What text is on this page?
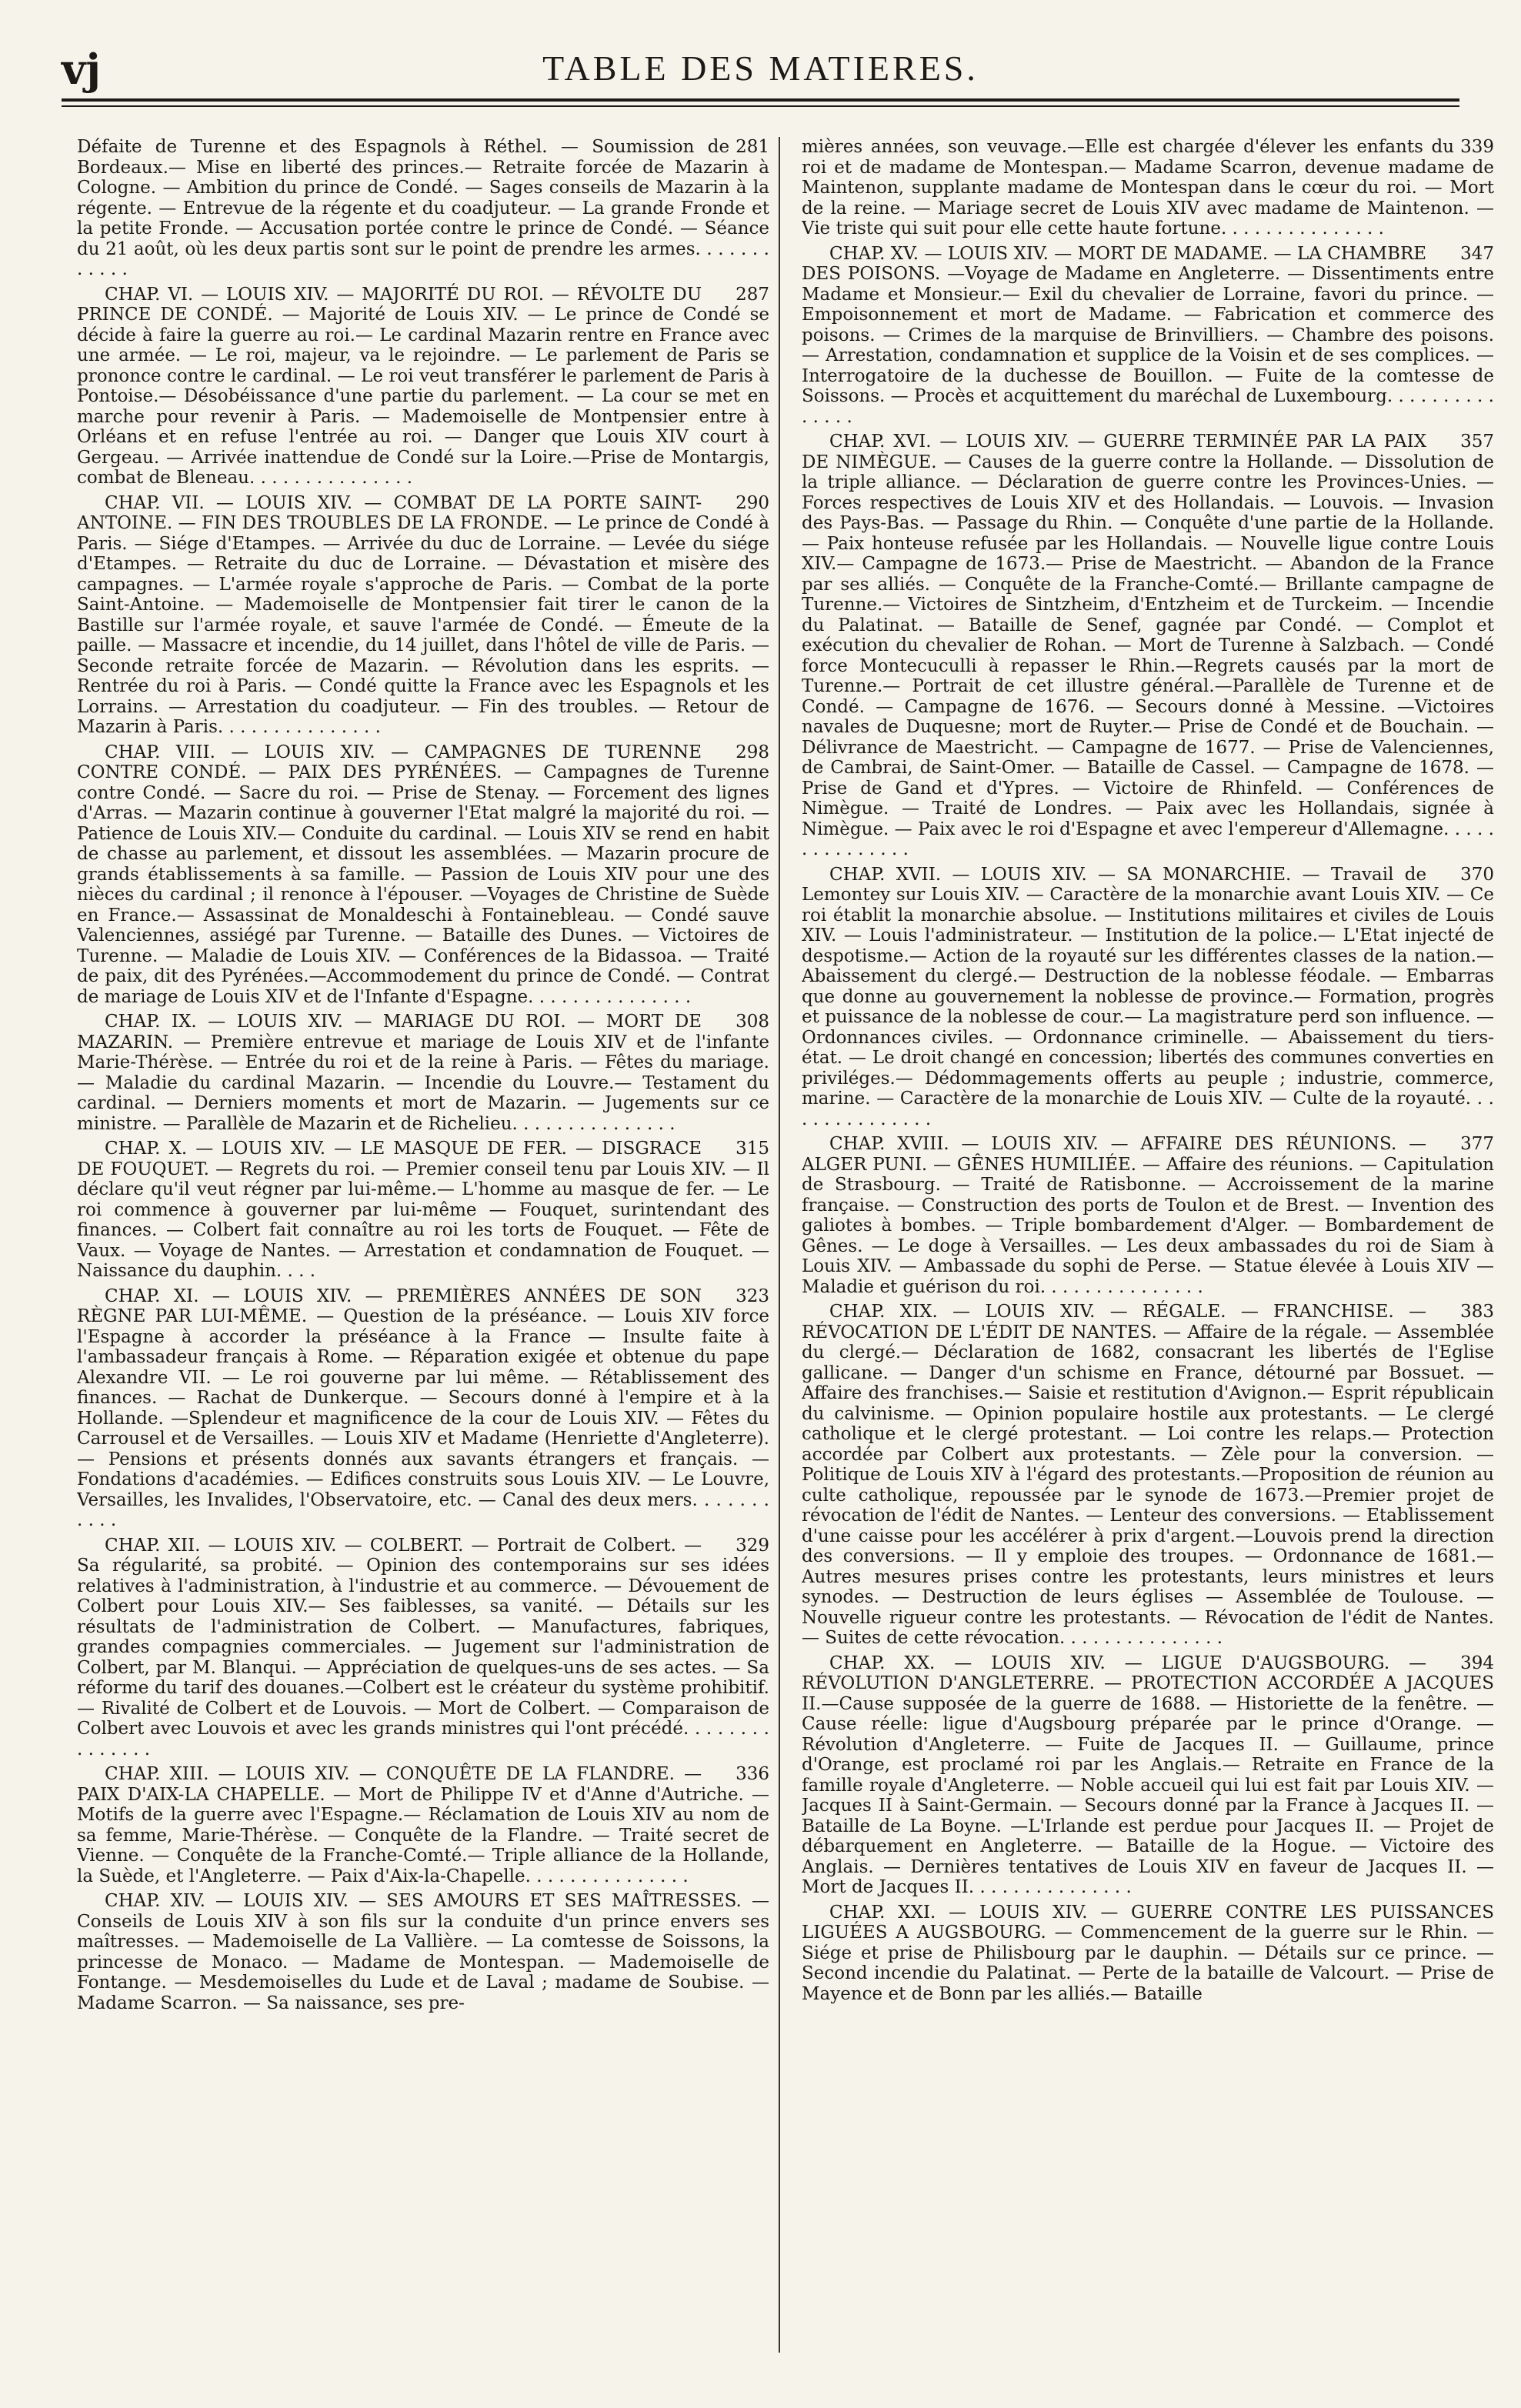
vj	TABLE DES MATIERES.

281
Défaite de Turenne et des Espagnols à Réthel. — Soumission de Bordeaux.— Mise en liberté des princes.— Retraite forcée de Mazarin à Cologne. — Ambition du prince de Condé. — Sages conseils de Mazarin à la régente. — Entrevue de la régente et du coadjuteur. — La grande Fronde et la petite Fronde. — Accusation portée contre le prince de Condé. — Séance du 21 août, où les deux partis sont sur le point de prendre les armes. . . . . . . . . . . .

287
CHAP. VI. — LOUIS XIV. — MAJORITÉ DU ROI. — RÉVOLTE DU PRINCE DE CONDÉ. — Majorité de Louis XIV. — Le prince de Condé se décide à faire la guerre au roi.— Le cardinal Mazarin rentre en France avec une armée. — Le roi, majeur, va le rejoindre. — Le parlement de Paris se prononce contre le cardinal. — Le roi veut transférer le parlement de Paris à Pontoise.— Désobéissance d'une partie du parlement. — La cour se met en marche pour revenir à Paris. — Mademoiselle de Montpensier entre à Orléans et en refuse l'entrée au roi. — Danger que Louis XIV court à Gergeau. — Arrivée inattendue de Condé sur la Loire.—Prise de Montargis, combat de Bleneau. . . . . . . . . . . . . . .

290
CHAP. VII. — LOUIS XIV. — COMBAT DE LA PORTE SAINT-ANTOINE. — FIN DES TROUBLES DE LA FRONDE. — Le prince de Condé à Paris. — Siége d'Etampes. — Arrivée du duc de Lorraine. — Levée du siége d'Etampes. — Retraite du duc de Lorraine. — Dévastation et misère des campagnes. — L'armée royale s'approche de Paris. — Combat de la porte Saint-Antoine. — Mademoiselle de Montpensier fait tirer le canon de la Bastille sur l'armée royale, et sauve l'armée de Condé. — Émeute de la paille. — Massacre et incendie, du 14 juillet, dans l'hôtel de ville de Paris. — Seconde retraite forcée de Mazarin. — Révolution dans les esprits. — Rentrée du roi à Paris. — Condé quitte la France avec les Espagnols et les Lorrains. — Arrestation du coadjuteur. — Fin des troubles. — Retour de Mazarin à Paris. . . . . . . . . . . . . . .

298
CHAP. VIII. — LOUIS XIV. — CAMPAGNES DE TURENNE CONTRE CONDÉ. — PAIX DES PYRÉNÉES. — Campagnes de Turenne contre Condé. — Sacre du roi. — Prise de Stenay. — Forcement des lignes d'Arras. — Mazarin continue à gouverner l'Etat malgré la majorité du roi. — Patience de Louis XIV.— Conduite du cardinal. — Louis XIV se rend en habit de chasse au parlement, et dissout les assemblées. — Mazarin procure de grands établissements à sa famille. — Passion de Louis XIV pour une des nièces du cardinal ; il renonce à l'épouser. —Voyages de Christine de Suède en France.— Assassinat de Monaldeschi à Fontainebleau. — Condé sauve Valenciennes, assiégé par Turenne. — Bataille des Dunes. — Victoires de Turenne. — Maladie de Louis XIV. — Conférences de la Bidassoa. — Traité de paix, dit des Pyrénées.—Accommodement du prince de Condé. — Contrat de mariage de Louis XIV et de l'Infante d'Espagne. . . . . . . . . . . . . . .

308
CHAP. IX. — LOUIS XIV. — MARIAGE DU ROI. — MORT DE MAZARIN. — Première entrevue et mariage de Louis XIV et de l'infante Marie-Thérèse. — Entrée du roi et de la reine à Paris. — Fêtes du mariage. — Maladie du cardinal Mazarin. — Incendie du Louvre.— Testament du cardinal. — Derniers moments et mort de Mazarin. — Jugements sur ce ministre. — Parallèle de Mazarin et de Richelieu. . . . . . . . . . . . . . .

315
CHAP. X. — LOUIS XIV. — LE MASQUE DE FER. — DISGRACE DE FOUQUET. — Regrets du roi. — Premier conseil tenu par Louis XIV. — Il déclare qu'il veut régner par lui-même.— L'homme au masque de fer. — Le roi commence à gouverner par lui-même — Fouquet, surintendant des finances. — Colbert fait connaître au roi les torts de Fouquet. — Fête de Vaux. — Voyage de Nantes. — Arrestation et condamnation de Fouquet. — Naissance du dauphin. . . .

323
CHAP. XI. — LOUIS XIV. — PREMIÈRES ANNÉES DE SON RÈGNE PAR LUI-MÊME. — Question de la préséance. — Louis XIV force l'Espagne à accorder la préséance à la France — Insulte faite à l'ambassadeur français à Rome. — Réparation exigée et obtenue du pape Alexandre VII. — Le roi gouverne par lui même. — Rétablissement des finances. — Rachat de Dunkerque. — Secours donné à l'empire et à la Hollande. —Splendeur et magnificence de la cour de Louis XIV. — Fêtes du Carrousel et de Versailles. — Louis XIV et Madame (Henriette d'Angleterre). — Pensions et présents donnés aux savants étrangers et français. — Fondations d'académies. — Edifices construits sous Louis XIV. — Le Louvre, Versailles, les Invalides, l'Observatoire, etc. — Canal des deux mers. . . . . . . . . . .

329
CHAP. XII. — LOUIS XIV. — COLBERT. — Portrait de Colbert. — Sa régularité, sa probité. — Opinion des contemporains sur ses idées relatives à l'administration, à l'industrie et au commerce. — Dévouement de Colbert pour Louis XIV.— Ses faiblesses, sa vanité. — Détails sur les résultats de l'administration de Colbert. — Manufactures, fabriques, grandes compagnies commerciales. — Jugement sur l'administration de Colbert, par M. Blanqui. — Appréciation de quelques-uns de ses actes. — Sa réforme du tarif des douanes.—Colbert est le créateur du système prohibitif.— Rivalité de Colbert et de Louvois. — Mort de Colbert. — Comparaison de Colbert avec Louvois et avec les grands ministres qui l'ont précédé. . . . . . . . . . . . . . .

336
CHAP. XIII. — LOUIS XIV. — CONQUÊTE DE LA FLANDRE. — PAIX D'AIX-LA CHAPELLE. — Mort de Philippe IV et d'Anne d'Autriche. — Motifs de la guerre avec l'Espagne.— Réclamation de Louis XIV au nom de sa femme, Marie-Thérèse. — Conquête de la Flandre. — Traité secret de Vienne. — Conquête de la Franche-Comté.— Triple alliance de la Hollande, la Suède, et l'Angleterre. — Paix d'Aix-la-Chapelle. . . . . . . . . . . . . . .

CHAP. XIV. — LOUIS XIV. — SES AMOURS ET SES MAÎTRESSES. — Conseils de Louis XIV à son fils sur la conduite d'un prince envers ses maîtresses. — Mademoiselle de La Vallière. — La comtesse de Soissons, la princesse de Monaco. — Madame de Montespan. — Mademoiselle de Fontange. — Mesdemoiselles du Lude et de Laval ; madame de Soubise. — Madame Scarron. — Sa naissance, ses pre-

339
mières années, son veuvage.—Elle est chargée d'élever les enfants du roi et de madame de Montespan.— Madame Scarron, devenue madame de Maintenon, supplante madame de Montespan dans le cœur du roi. — Mort de la reine. — Mariage secret de Louis XIV avec madame de Maintenon. — Vie triste qui suit pour elle cette haute fortune. . . . . . . . . . . . . . .

347
CHAP. XV. — LOUIS XIV. — MORT DE MADAME. — LA CHAMBRE DES POISONS. —Voyage de Madame en Angleterre. — Dissentiments entre Madame et Monsieur.— Exil du chevalier de Lorraine, favori du prince. — Empoisonnement et mort de Madame. — Fabrication et commerce des poisons. — Crimes de la marquise de Brinvilliers. — Chambre des poisons. — Arrestation, condamnation et supplice de la Voisin et de ses complices. — Interrogatoire de la duchesse de Bouillon. — Fuite de la comtesse de Soissons. — Procès et acquittement du maréchal de Luxembourg. . . . . . . . . . . . . . .

357
CHAP. XVI. — LOUIS XIV. — GUERRE TERMINÉE PAR LA PAIX DE NIMÈGUE. — Causes de la guerre contre la Hollande. — Dissolution de la triple alliance. — Déclaration de guerre contre les Provinces-Unies. — Forces respectives de Louis XIV et des Hollandais. — Louvois. — Invasion des Pays-Bas. — Passage du Rhin. — Conquête d'une partie de la Hollande. — Paix honteuse refusée par les Hollandais. — Nouvelle ligue contre Louis XIV.— Campagne de 1673.— Prise de Maestricht. — Abandon de la France par ses alliés. — Conquête de la Franche-Comté.— Brillante campagne de Turenne.— Victoires de Sintzheim, d'Entzheim et de Turckeim. — Incendie du Palatinat. — Bataille de Senef, gagnée par Condé. — Complot et exécution du chevalier de Rohan. — Mort de Turenne à Salzbach. — Condé force Montecuculli à repasser le Rhin.—Regrets causés par la mort de Turenne.— Portrait de cet illustre général.—Parallèle de Turenne et de Condé. — Campagne de 1676. — Secours donné à Messine. —Victoires navales de Duquesne; mort de Ruyter.— Prise de Condé et de Bouchain. — Délivrance de Maestricht. — Campagne de 1677. — Prise de Valenciennes, de Cambrai, de Saint-Omer. — Bataille de Cassel. — Campagne de 1678. — Prise de Gand et d'Ypres. — Victoire de Rhinfeld. — Conférences de Nimègue. — Traité de Londres. — Paix avec les Hollandais, signée à Nimègue. — Paix avec le roi d'Espagne et avec l'empereur d'Allemagne. . . . . . . . . . . . . . .

370
CHAP. XVII. — LOUIS XIV. — SA MONARCHIE. — Travail de Lemontey sur Louis XIV. — Caractère de la monarchie avant Louis XIV. — Ce roi établit la monarchie absolue. — Institutions militaires et civiles de Louis XIV. — Louis l'administrateur. — Institution de la police.— L'Etat injecté de despotisme.— Action de la royauté sur les différentes classes de la nation.— Abaissement du clergé.— Destruction de la noblesse féodale. — Embarras que donne au gouvernement la noblesse de province.— Formation, progrès et puissance de la noblesse de cour.— La magistrature perd son influence. — Ordonnances civiles. — Ordonnance criminelle. — Abaissement du tiers-état. — Le droit changé en concession; libertés des communes converties en priviléges.— Dédommagements offerts au peuple ; industrie, commerce, marine. — Caractère de la monarchie de Louis XIV. — Culte de la royauté. . . . . . . . . . . . . . .

377
CHAP. XVIII. — LOUIS XIV. — AFFAIRE DES RÉUNIONS. — ALGER PUNI. — GÊNES HUMILIÉE. — Affaire des réunions. — Capitulation de Strasbourg. — Traité de Ratisbonne. — Accroissement de la marine française. — Construction des ports de Toulon et de Brest. — Invention des galiotes à bombes. — Triple bombardement d'Alger. — Bombardement de Gênes. — Le doge à Versailles. — Les deux ambassades du roi de Siam à Louis XIV. — Ambassade du sophi de Perse. — Statue élevée à Louis XIV — Maladie et guérison du roi. . . . . . . . . . . . . . .

383
CHAP. XIX. — LOUIS XIV. — RÉGALE. — FRANCHISE. — RÉVOCATION DE L'ÉDIT DE NANTES. — Affaire de la régale. — Assemblée du clergé.— Déclaration de 1682, consacrant les libertés de l'Eglise gallicane. — Danger d'un schisme en France, détourné par Bossuet. —Affaire des franchises.— Saisie et restitution d'Avignon.— Esprit républicain du calvinisme. — Opinion populaire hostile aux protestants. — Le clergé catholique et le clergé protestant. — Loi contre les relaps.— Protection accordée par Colbert aux protestants. — Zèle pour la conversion. — Politique de Louis XIV à l'égard des protestants.—Proposition de réunion au culte catholique, repoussée par le synode de 1673.—Premier projet de révocation de l'édit de Nantes. — Lenteur des conversions. — Etablissement d'une caisse pour les accélérer à prix d'argent.—Louvois prend la direction des conversions. — Il y emploie des troupes. — Ordonnance de 1681.— Autres mesures prises contre les protestants, leurs ministres et leurs synodes. — Destruction de leurs églises — Assemblée de Toulouse. — Nouvelle rigueur contre les protestants. — Révocation de l'édit de Nantes. — Suites de cette révocation. . . . . . . . . . . . . . .

394
CHAP. XX. — LOUIS XIV. — LIGUE D'AUGSBOURG. — RÉVOLUTION D'ANGLETERRE. — PROTECTION ACCORDÉE A JACQUES II.—Cause supposée de la guerre de 1688. — Historiette de la fenêtre. — Cause réelle: ligue d'Augsbourg préparée par le prince d'Orange. — Révolution d'Angleterre. — Fuite de Jacques II. — Guillaume, prince d'Orange, est proclamé roi par les Anglais.— Retraite en France de la famille royale d'Angleterre. — Noble accueil qui lui est fait par Louis XIV. — Jacques II à Saint-Germain. — Secours donné par la France à Jacques II. — Bataille de La Boyne. —L'Irlande est perdue pour Jacques II. — Projet de débarquement en Angleterre. — Bataille de la Hogue. — Victoire des Anglais. — Dernières tentatives de Louis XIV en faveur de Jacques II. — Mort de Jacques II. . . . . . . . . . . . . . .

CHAP. XXI. — LOUIS XIV. — GUERRE CONTRE LES PUISSANCES LIGUÉES A AUGSBOURG. — Commencement de la guerre sur le Rhin. — Siége et prise de Philisbourg par le dauphin. — Détails sur ce prince. — Second incendie du Palatinat. — Perte de la bataille de Valcourt. — Prise de Mayence et de Bonn par les alliés.— Bataille
